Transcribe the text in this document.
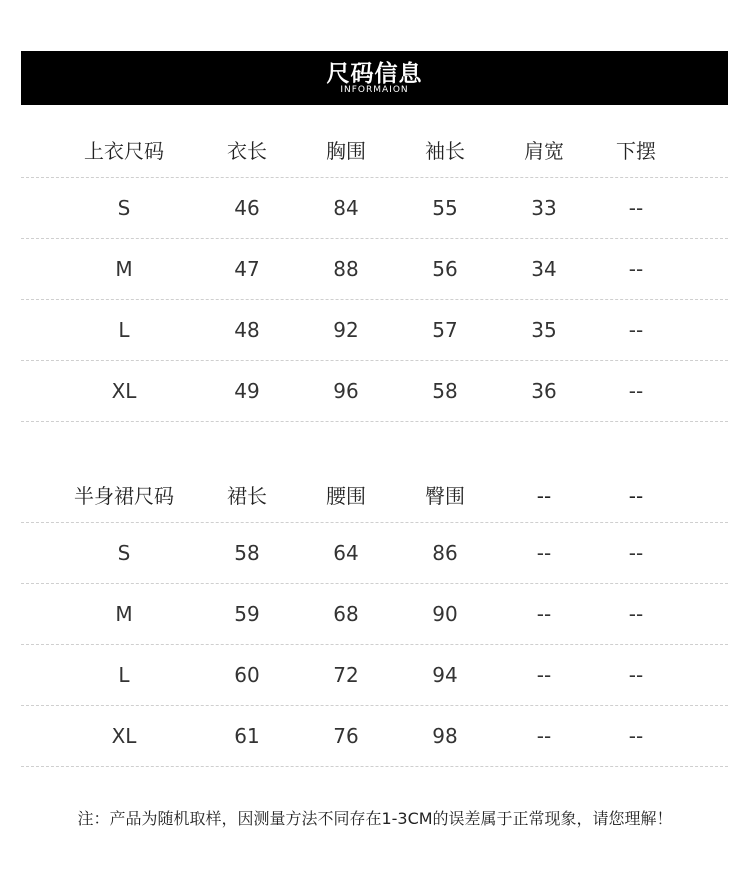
尺码信息
INFORMAION
上衣尺码	衣长	胸围	袖长	肩宽	下摆
S	46	84	55	33	--
M	47	88	56	34	--
L	48	92	57	35	--
XL	49	96	58	36	--
半身裙尺码	裙长	腰围	臀围	--	--
S	58	64	86	--	--
M	59	68	90	--	--
L	60	72	94	--	--
XL	61	76	98	--	--
注：产品为随机取样，因测量方法不同存在1-3CM的误差属于正常现象，请您理解！
